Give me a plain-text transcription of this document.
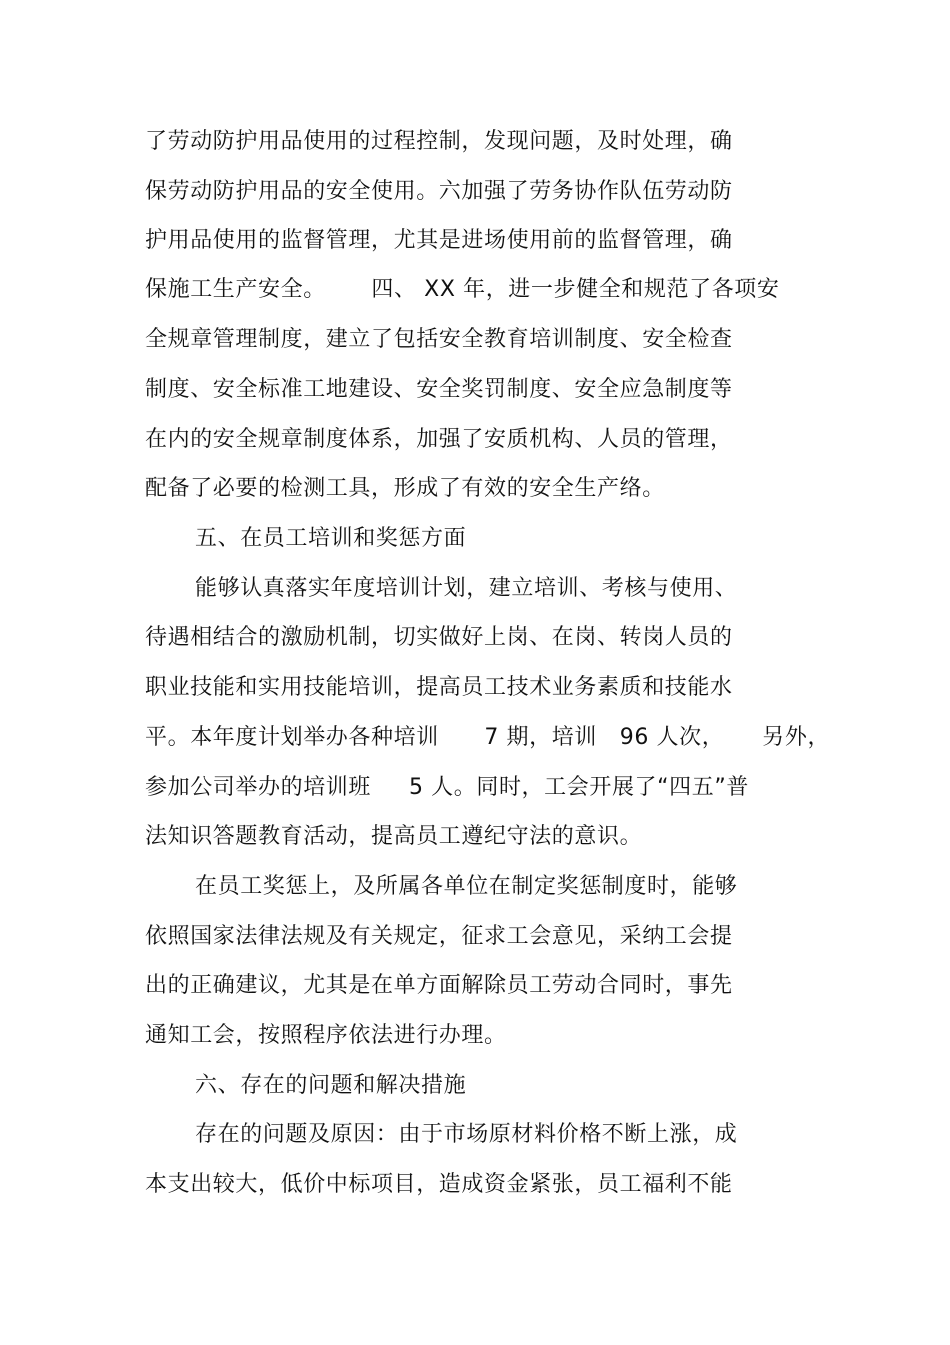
了劳动防护用品使用的过程控制，发现问题，及时处理，确
保劳动防护用品的安全使用。六加强了劳务协作队伍劳动防
护用品使用的监督管理，尤其是进场使用前的监督管理，确
保施工生产安全。      四、 XX 年，进一步健全和规范了各项安
全规章管理制度，建立了包括安全教育培训制度、安全检查
制度、安全标准工地建设、安全奖罚制度、安全应急制度等
在内的安全规章制度体系，加强了安质机构、人员的管理，
配备了必要的检测工具，形成了有效的安全生产络。
五、在员工培训和奖惩方面
能够认真落实年度培训计划，建立培训、考核与使用、
待遇相结合的激励机制，切实做好上岗、在岗、转岗人员的
职业技能和实用技能培训，提高员工技术业务素质和技能水
平。本年度计划举办各种培训      7 期，培训   96 人次，     另外，
参加公司举办的培训班     5 人。同时，工会开展了“四五”普
法知识答题教育活动，提高员工遵纪守法的意识。
在员工奖惩上，及所属各单位在制定奖惩制度时，能够
依照国家法律法规及有关规定，征求工会意见，采纳工会提
出的正确建议，尤其是在单方面解除员工劳动合同时，事先
通知工会，按照程序依法进行办理。
六、存在的问题和解决措施
存在的问题及原因：由于市场原材料价格不断上涨，成
本支出较大，低价中标项目，造成资金紧张，员工福利不能
